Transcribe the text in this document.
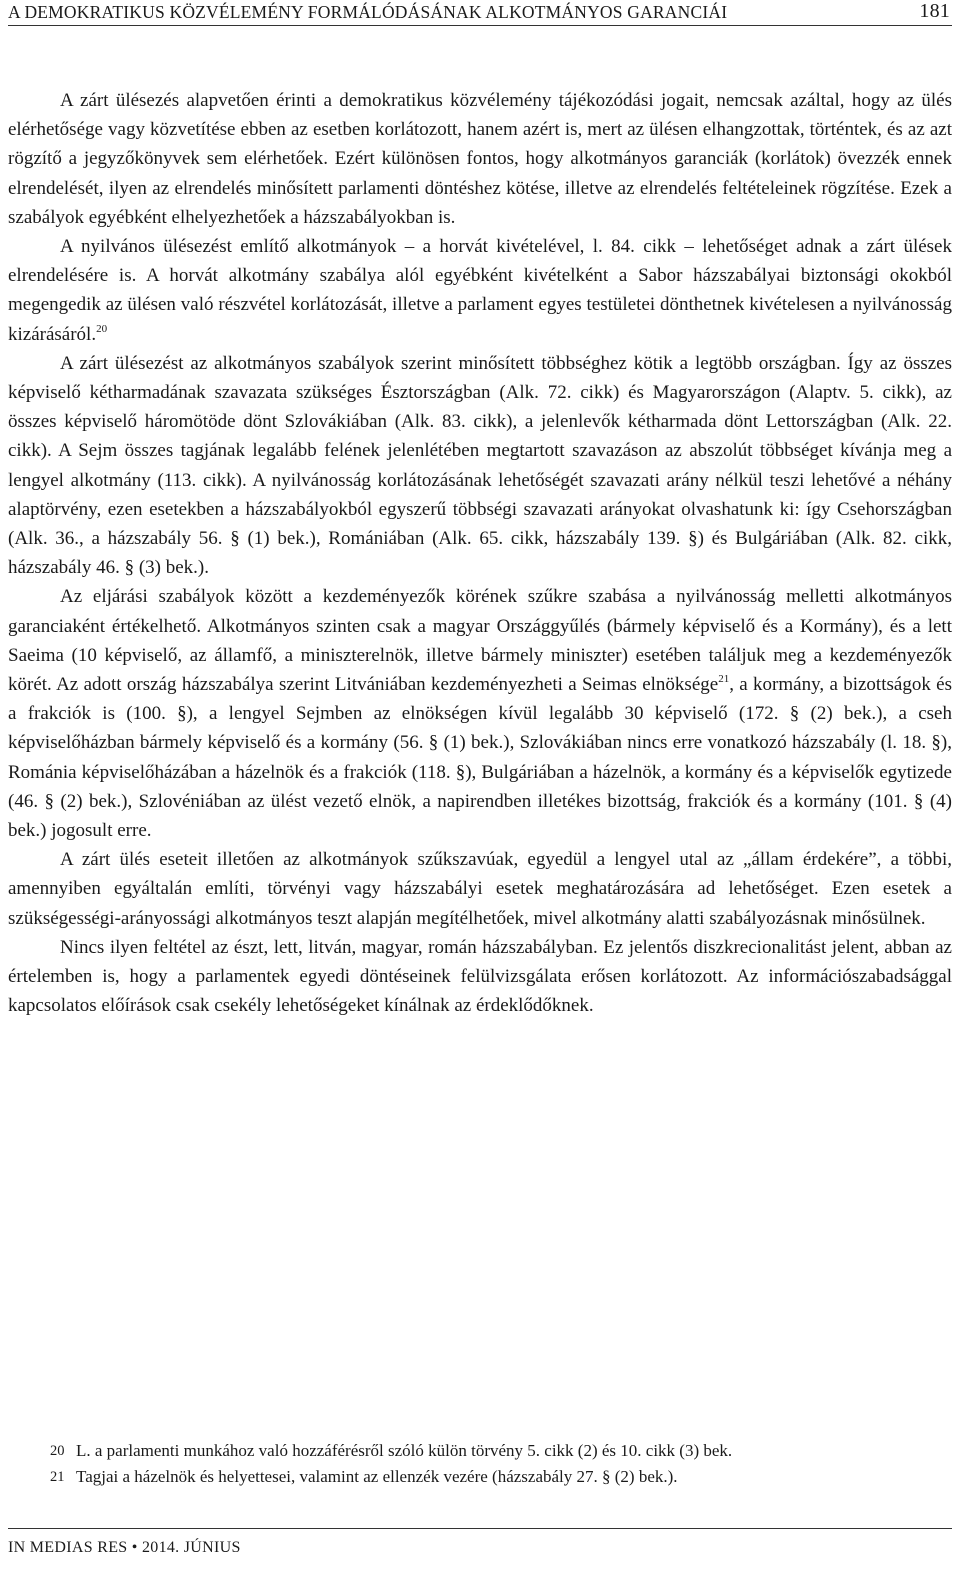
A DEMOKRATIKUS KÖZVÉLEMÉNY FORMÁLÓDÁSÁNAK ALKOTMÁNYOS GARANCIÁI	181

A zárt ülésezés alapvetően érinti a demokratikus közvélemény tájékozódási jogait, nemcsak azáltal, hogy az ülés elérhetősége vagy közvetítése ebben az esetben korlátozott, hanem azért is, mert az ülésen elhangzottak, történtek, és az azt rögzítő a jegyzőkönyvek sem elérhetőek. Ezért különösen fontos, hogy alkotmányos garanciák (korlátok) övezzék ennek elrendelését, ilyen az elrendelés minősített parlamenti döntéshez kötése, illetve az elrendelés feltételeinek rögzítése. Ezek a szabályok egyébként elhelyezhetőek a házszabályokban is.

A nyilvános ülésezést említő alkotmányok – a horvát kivételével, l. 84. cikk – lehetőséget adnak a zárt ülések elrendelésére is. A horvát alkotmány szabálya alól egyébként kivételként a Sabor házszabályai biztonsági okokból megengedik az ülésen való részvétel korlátozását, illetve a parlament egyes testületei dönthetnek kivételesen a nyilvánosság kizárásáról.$^{20}$

A zárt ülésezést az alkotmányos szabályok szerint minősített többséghez kötik a legtöbb országban. Így az összes képviselő kétharmadának szavazata szükséges Észtországban (Alk. 72. cikk) és Magyarországon (Alaptv. 5. cikk), az összes képviselő háromötöde dönt Szlovákiában (Alk. 83. cikk), a jelenlevők kétharmada dönt Lettországban (Alk. 22. cikk). A Sejm összes tagjának legalább felének jelenlétében megtartott szavazáson az abszolút többséget kívánja meg a lengyel alkotmány (113. cikk). A nyilvánosság korlátozásának lehetőségét szavazati arány nélkül teszi lehetővé a néhány alaptörvény, ezen esetekben a házszabályokból egyszerű többségi szavazati arányokat olvashatunk ki: így Csehországban (Alk. 36., a házszabály 56. § (1) bek.), Romániában (Alk. 65. cikk, házszabály 139. §) és Bulgáriában (Alk. 82. cikk, házszabály 46. § (3) bek.).

Az eljárási szabályok között a kezdeményezők körének szűkre szabása a nyilvánosság melletti alkotmányos garanciaként értékelhető. Alkotmányos szinten csak a magyar Országgyűlés (bármely képviselő és a Kormány), és a lett Saeima (10 képviselő, az államfő, a miniszterelnök, illetve bármely miniszter) esetében találjuk meg a kezdeményezők körét. Az adott ország házszabálya szerint Litvániában kezdeményezheti a Seimas elnöksége$^{21}$, a kormány, a bizottságok és a frakciók is (100. §), a lengyel Sejmben az elnökségen kívül legalább 30 képviselő (172. § (2) bek.), a cseh képviselőházban bármely képviselő és a kormány (56. § (1) bek.), Szlovákiában nincs erre vonatkozó házszabály (l. 18. §), Románia képviselőházában a házelnök és a frakciók (118. §), Bulgáriában a házelnök, a kormány és a képviselők egytizede (46. § (2) bek.), Szlovéniában az ülést vezető elnök, a napirendben illetékes bizottság, frakciók és a kormány (101. § (4) bek.) jogosult erre.

A zárt ülés eseteit illetően az alkotmányok szűkszavúak, egyedül a lengyel utal az „állam érdekére”, a többi, amennyiben egyáltalán említi, törvényi vagy házszabályi esetek meghatározására ad lehetőséget. Ezen esetek a szükségességi-arányossági alkotmányos teszt alapján megítélhetőek, mivel alkotmány alatti szabályozásnak minősülnek.

Nincs ilyen feltétel az észt, lett, litván, magyar, román házszabályban. Ez jelentős diszkrecionalitást jelent, abban az értelemben is, hogy a parlamentek egyedi döntéseinek felülvizsgálata erősen korlátozott. Az információszabadsággal kapcsolatos előírások csak csekély lehetőségeket kínálnak az érdeklődőknek.

20 L. a parlamenti munkához való hozzáférésről szóló külön törvény 5. cikk (2) és 10. cikk (3) bek.
21 Tagjai a házelnök és helyettesei, valamint az ellenzék vezére (házszabály 27. § (2) bek.).
IN MEDIAS RES • 2014. JÚNIUS
